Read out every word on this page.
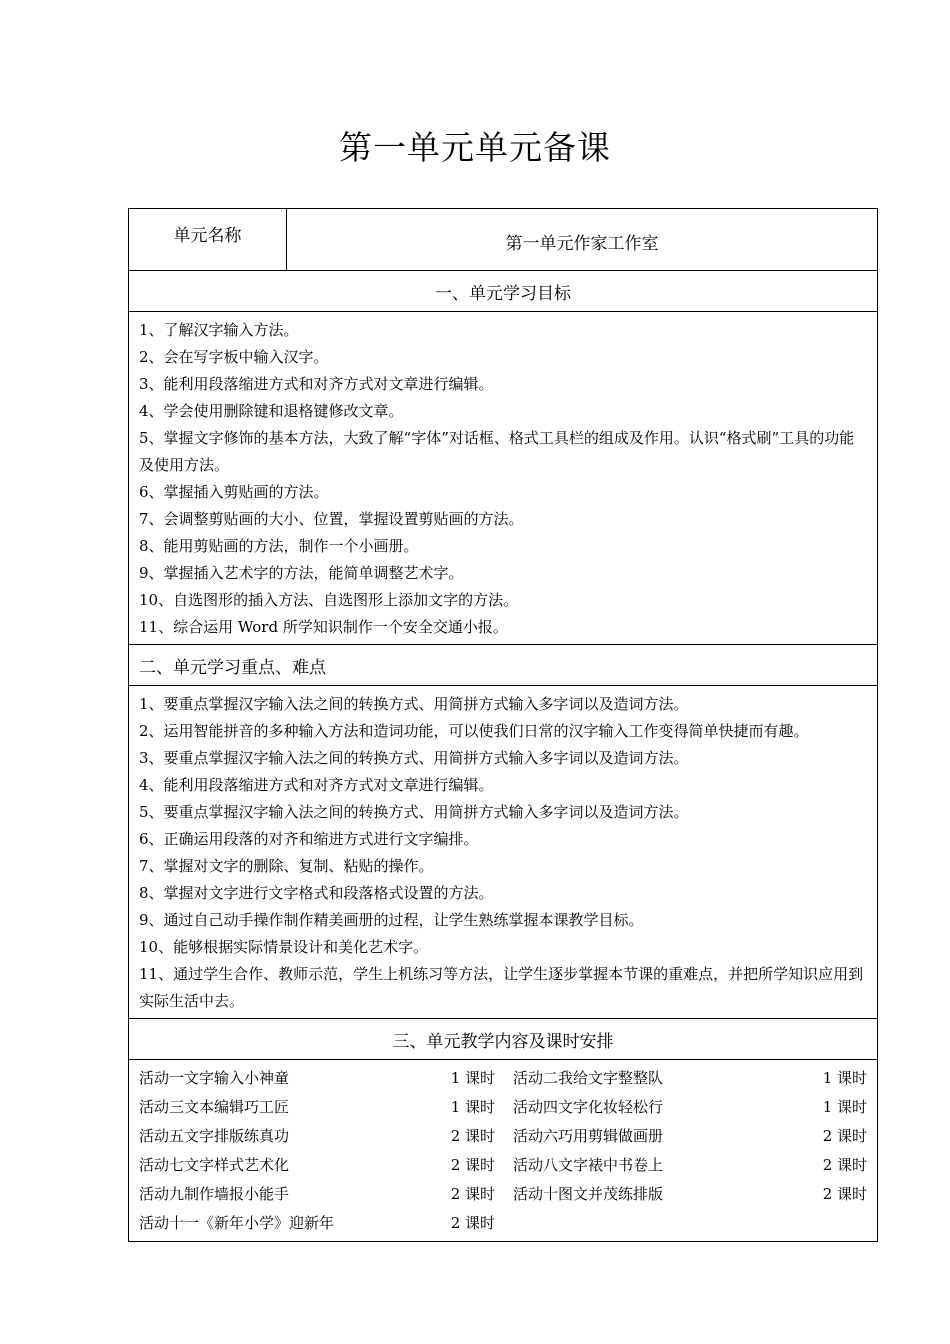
第一单元单元备课
单元名称	第一单元作家工作室
一、单元学习目标

1、了解汉字输入方法。
2、会在写字板中输入汉字。
3、能利用段落缩进方式和对齐方式对文章进行编辑。
4、学会使用删除键和退格键修改文章。
5、掌握文字修饰的基本方法，大致了解“字体”对话框、格式工具栏的组成及作用。认识“格式刷”工具的功能及使用方法。
6、掌握插入剪贴画的方法。
7、会调整剪贴画的大小、位置，掌握设置剪贴画的方法。
8、能用剪贴画的方法，制作一个小画册。
9、掌握插入艺术字的方法，能简单调整艺术字。
10、自选图形的插入方法、自选图形上添加文字的方法。
11、综合运用 Word 所学知识制作一个安全交通小报。

二、单元学习重点、难点

1、要重点掌握汉字输入法之间的转换方式、用简拼方式输入多字词以及造词方法。
2、运用智能拼音的多种输入方法和造词功能，可以使我们日常的汉字输入工作变得简单快捷而有趣。
3、要重点掌握汉字输入法之间的转换方式、用简拼方式输入多字词以及造词方法。
4、能利用段落缩进方式和对齐方式对文章进行编辑。
5、要重点掌握汉字输入法之间的转换方式、用简拼方式输入多字词以及造词方法。
6、正确运用段落的对齐和缩进方式进行文字编排。
7、掌握对文字的删除、复制、粘贴的操作。
8、掌握对文字进行文字格式和段落格式设置的方法。
9、通过自己动手操作制作精美画册的过程，让学生熟练掌握本课教学目标。
10、能够根据实际情景设计和美化艺术字。
11、通过学生合作、教师示范，学生上机练习等方法，让学生逐步掌握本节课的重难点，并把所学知识应用到实际生活中去。

三、单元教学内容及课时安排

活动一文字输入小神童	1 课时 活动二我给文字整整队	1 课时
活动三文本编辑巧工匠	1 课时 活动四文字化妆轻松行	1 课时
活动五文字排版练真功	2 课时 活动六巧用剪辑做画册	2 课时
活动七文字样式艺术化	2 课时 活动八文字裱中书卷上	2 课时
活动九制作墙报小能手	2 课时 活动十图文并茂练排版	2 课时
活动十一《新年小学》迎新年	2 课时
